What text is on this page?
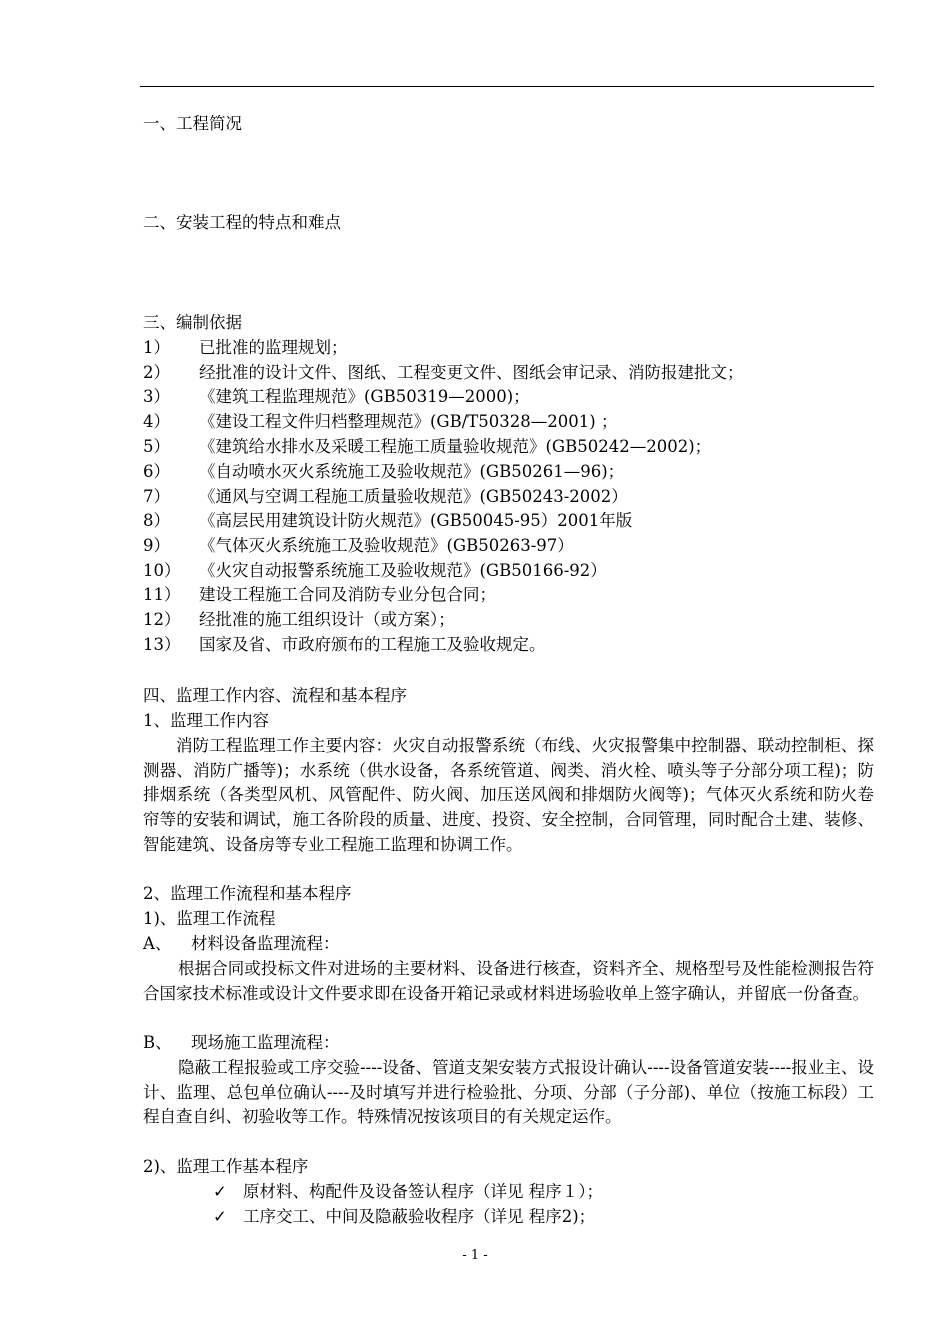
一、工程简况
二、安装工程的特点和难点
三、编制依据
1） 已批准的监理规划；
2） 经批准的设计文件、图纸、工程变更文件、图纸会审记录、消防报建批文；
3） 《建筑工程监理规范》(GB50319—2000)；
4） 《建设工程文件归档整理规范》(GB/T50328—2001) ；
5） 《建筑给水排水及采暖工程施工质量验收规范》(GB50242—2002)；
6） 《自动喷水灭火系统施工及验收规范》(GB50261—96)；
7） 《通风与空调工程施工质量验收规范》(GB50243-2002）
8） 《高层民用建筑设计防火规范》(GB50045-95）2001年版
9） 《气体灭火系统施工及验收规范》(GB50263-97）
10） 《火灾自动报警系统施工及验收规范》(GB50166-92）
11） 建设工程施工合同及消防专业分包合同；
12） 经批准的施工组织设计（或方案）；
13） 国家及省、市政府颁布的工程施工及验收规定。
四、监理工作内容、流程和基本程序
1、监理工作内容
消防工程监理工作主要内容：火灾自动报警系统（布线、火灾报警集中控制器、联动控制柜、探测器、消防广播等)；水系统（供水设备，各系统管道、阀类、消火栓、喷头等子分部分项工程)；防排烟系统（各类型风机、风管配件、防火阀、加压送风阀和排烟防火阀等)；气体灭火系统和防火卷帘等的安装和调试，施工各阶段的质量、进度、投资、安全控制，合同管理，同时配合土建、装修、智能建筑、设备房等专业工程施工监理和协调工作。
2、监理工作流程和基本程序
1)、监理工作流程
A、 材料设备监理流程：
根据合同或投标文件对进场的主要材料、设备进行核查，资料齐全、规格型号及性能检测报告符合国家技术标准或设计文件要求即在设备开箱记录或材料进场验收单上签字确认，并留底一份备查。
B、 现场施工监理流程：
隐蔽工程报验或工序交验----设备、管道支架安装方式报设计确认----设备管道安装----报业主、设计、监理、总包单位确认----及时填写并进行检验批、分项、分部（子分部)、单位（按施工标段）工程自查自纠、初验收等工作。特殊情况按该项目的有关规定运作。
2)、监理工作基本程序
✓ 原材料、构配件及设备签认程序（详见 程序１）；
✓ 工序交工、中间及隐蔽验收程序（详见 程序2)；
- 1 -
